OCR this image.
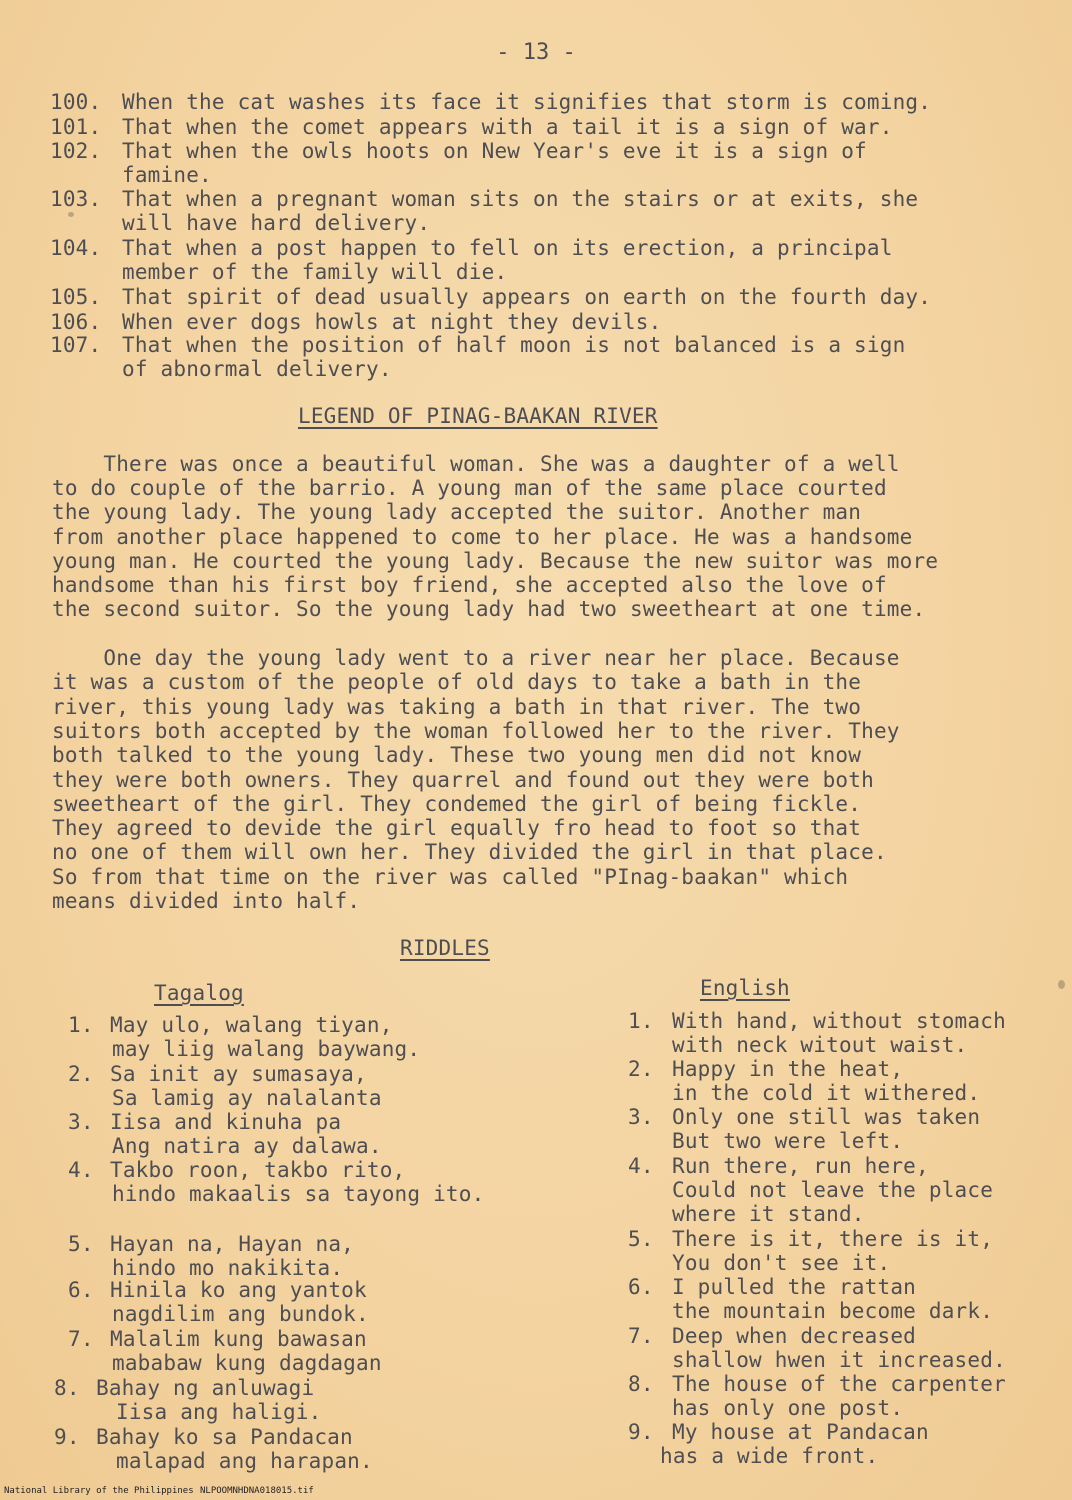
- 13 -
100. When the cat washes its face it signifies that storm is coming.
101. That when the comet appears with a tail it is a sign of war.
102. That when the owls hoots on New Year's eve it is a sign of
famine.
103. That when a pregnant woman sits on the stairs or at exits, she
will have hard delivery.
104. That when a post happen to fell on its erection, a principal
member of the family will die.
105. That spirit of dead usually appears on earth on the fourth day.
106. When ever dogs howls at night they devils.
107. That when the position of half moon is not balanced is a sign
of abnormal delivery.
LEGEND OF PINAG-BAAKAN RIVER
There was once a beautiful woman. She was a daughter of a well
to do couple of the barrio. A young man of the same place courted
the young lady. The young lady accepted the suitor. Another man
from another place happened to come to her place. He was a handsome
young man. He courted the young lady. Because the new suitor was more
handsome than his first boy friend, she accepted also the love of
the second suitor. So the young lady had two sweetheart at one time.
One day the young lady went to a river near her place. Because
it was a custom of the people of old days to take a bath in the
river, this young lady was taking a bath in that river. The two
suitors both accepted by the woman followed her to the river. They
both talked to the young lady. These two young men did not know
they were both owners. They quarrel and found out they were both
sweetheart of the girl. They condemed the girl of being fickle.
They agreed to devide the girl equally fro head to foot so that
no one of them will own her. They divided the girl in that place.
So from that time on the river was called "PInag-baakan" which
means divided into half.
RIDDLES
Tagalog	English
1. May ulo, walang tiyan,
may liig walang baywang.
2. Sa init ay sumasaya,
Sa lamig ay nalalanta
3. Iisa and kinuha pa
Ang natira ay dalawa.
4. Takbo roon, takbo rito,
hindo makaalis sa tayong ito.
5. Hayan na, Hayan na,
hindo mo nakikita.
6. Hinila ko ang yantok
nagdilim ang bundok.
7. Malalim kung bawasan
mababaw kung dagdagan
8. Bahay ng anluwagi
Iisa ang haligi.
9. Bahay ko sa Pandacan
malapad ang harapan.
1. With hand, without stomach
with neck witout waist.
2. Happy in the heat,
in the cold it withered.
3. Only one still was taken
But two were left.
4. Run there, run here,
Could not leave the place
where it stand.
5. There is it, there is it,
You don't see it.
6. I pulled the rattan
the mountain become dark.
7. Deep when decreased
shallow hwen it increased.
8. The house of the carpenter
has only one post.
9. My house at Pandacan
has a wide front.
National Library of the Philippines NLPOOMNHDNA018015.tif
